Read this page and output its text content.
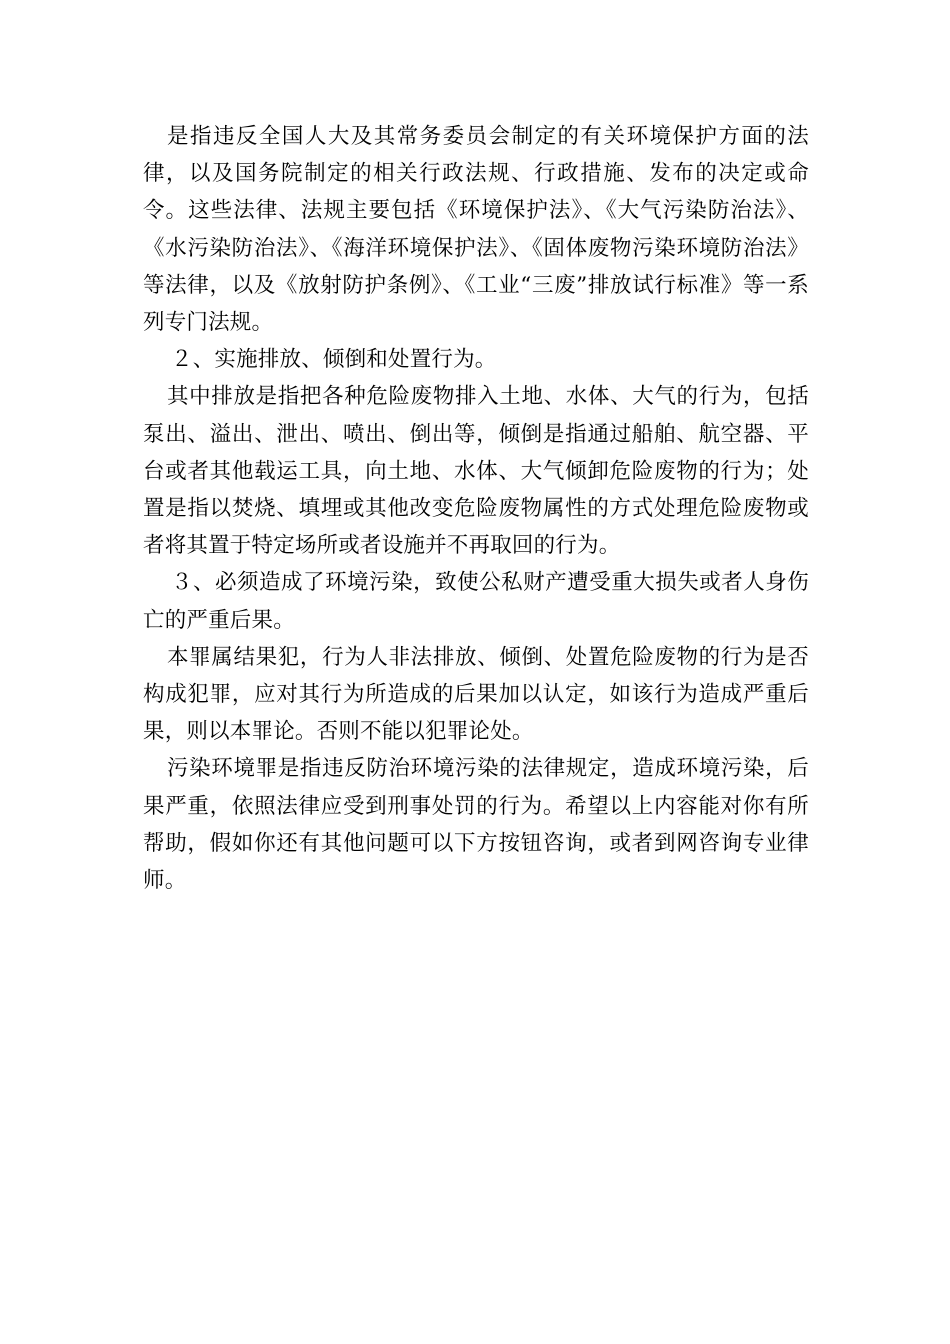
是指违反全国人大及其常务委员会制定的有关环境保护方面的法律，以及国务院制定的相关行政法规、行政措施、发布的决定或命令。这些法律、法规主要包括《环境保护法》、《大气污染防治法》、《水污染防治法》、《海洋环境保护法》、《固体废物污染环境防治法》等法律，以及《放射防护条例》、《工业“三废”排放试行标准》等一系列专门法规。

２、实施排放、倾倒和处置行为。

其中排放是指把各种危险废物排入土地、水体、大气的行为，包括泵出、溢出、泄出、喷出、倒出等，倾倒是指通过船舶、航空器、平台或者其他载运工具，向土地、水体、大气倾卸危险废物的行为；处置是指以焚烧、填埋或其他改变危险废物属性的方式处理危险废物或者将其置于特定场所或者设施并不再取回的行为。

３、必须造成了环境污染，致使公私财产遭受重大损失或者人身伤亡的严重后果。

本罪属结果犯，行为人非法排放、倾倒、处置危险废物的行为是否构成犯罪，应对其行为所造成的后果加以认定，如该行为造成严重后果，则以本罪论。否则不能以犯罪论处。

污染环境罪是指违反防治环境污染的法律规定，造成环境污染，后果严重，依照法律应受到刑事处罚的行为。希望以上内容能对你有所帮助，假如你还有其他问题可以下方按钮咨询，或者到网咨询专业律师。
